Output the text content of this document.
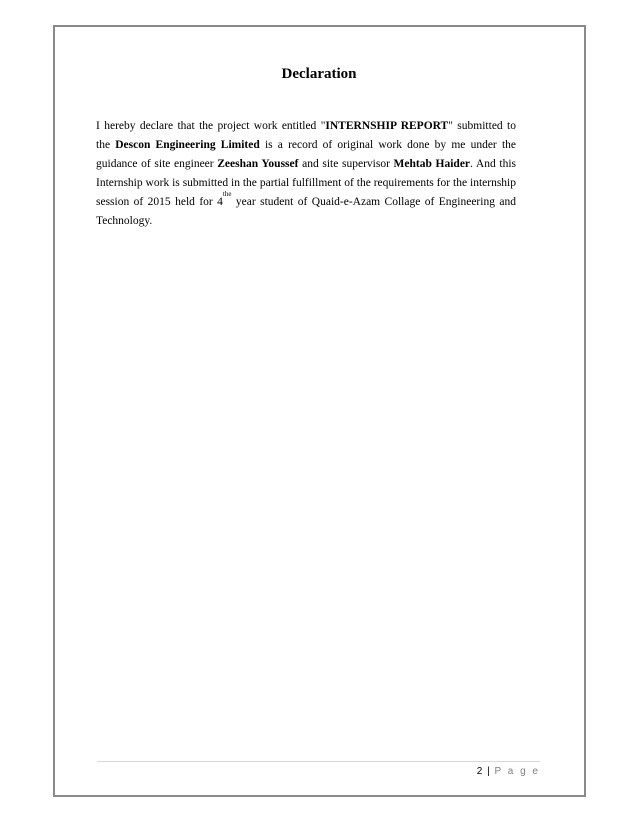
Declaration
I hereby declare that the project work entitled "INTERNSHIP REPORT" submitted to the Descon Engineering Limited is a record of original work done by me under the guidance of site engineer Zeeshan Youssef and site supervisor Mehtab Haider. And this Internship work is submitted in the partial fulfillment of the requirements for the internship session of 2015 held for $4^{the}$ year student of Quaid-e-Azam Collage of Engineering and Technology.
2 | P a g e
